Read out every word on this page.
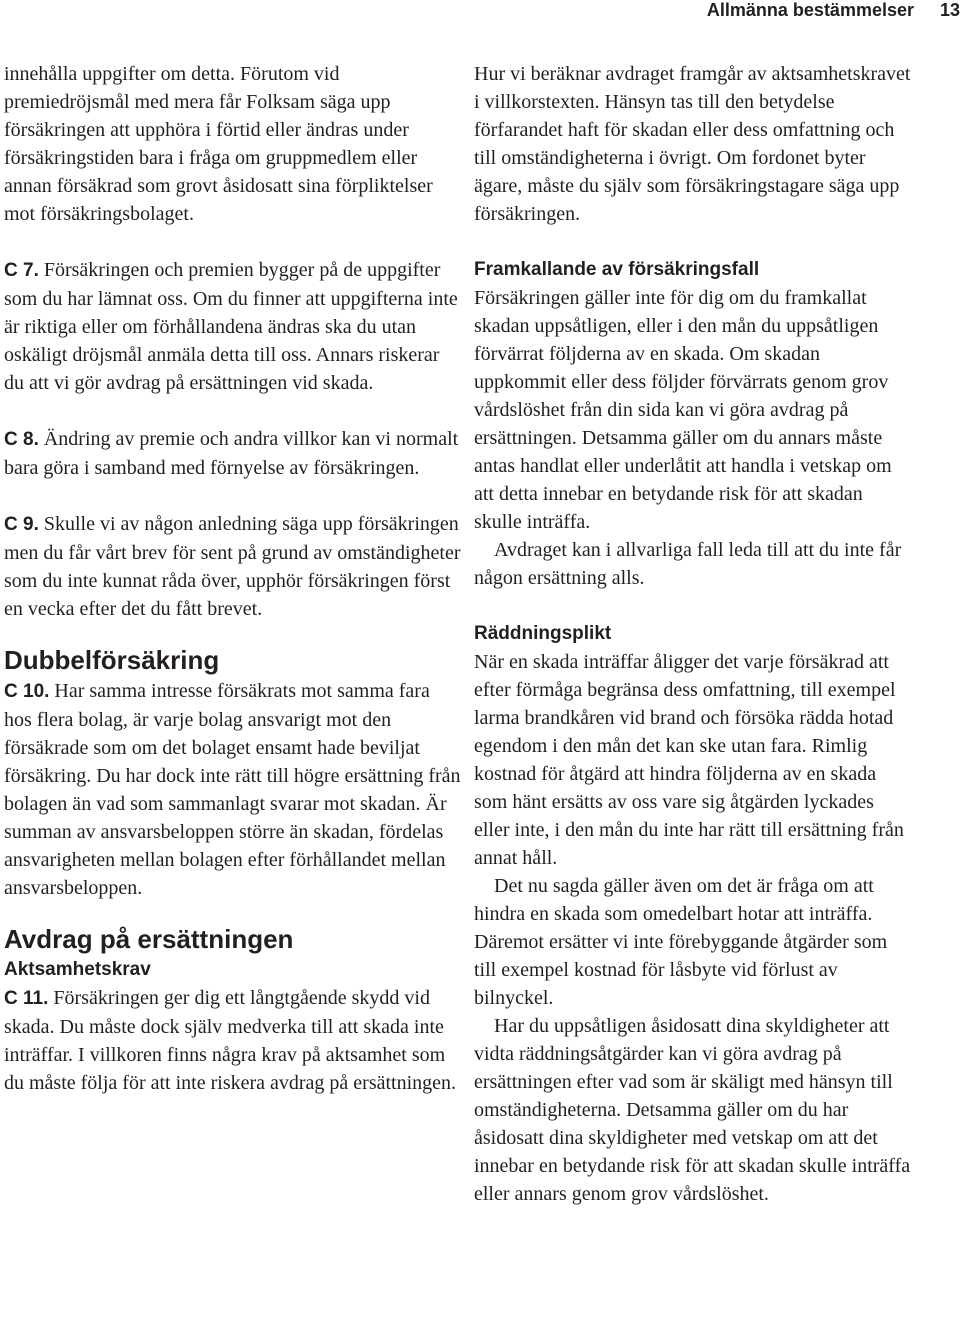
Allmänna bestämmelser 13

innehålla uppgifter om detta. Förutom vid premiedröjsmål med mera får Folksam säga upp försäkringen att upphöra i förtid eller ändras under försäkringstiden bara i fråga om gruppmedlem eller annan försäkrad som grovt åsidosatt sina förpliktelser mot försäkringsbolaget.

C 7. Försäkringen och premien bygger på de uppgifter som du har lämnat oss. Om du finner att uppgifterna inte är riktiga eller om förhållandena ändras ska du utan oskäligt dröjsmål anmäla detta till oss. Annars riskerar du att vi gör avdrag på ersättningen vid skada.

C 8. Ändring av premie och andra villkor kan vi normalt bara göra i samband med förnyelse av försäkringen.

C 9. Skulle vi av någon anledning säga upp försäkringen men du får vårt brev för sent på grund av omständigheter som du inte kunnat råda över, upphör försäkringen först en vecka efter det du fått brevet.

Dubbelförsäkring

C 10. Har samma intresse försäkrats mot samma fara hos flera bolag, är varje bolag ansvarigt mot den försäkrade som om det bolaget ensamt hade beviljat försäkring. Du har dock inte rätt till högre ersättning från bolagen än vad som sammanlagt svarar mot skadan. Är summan av ansvarsbeloppen större än skadan, fördelas ansvarigheten mellan bolagen efter förhållandet mellan ansvarsbeloppen.

Avdrag på ersättningen
Aktsamhetskrav

C 11. Försäkringen ger dig ett långtgående skydd vid skada. Du måste dock själv medverka till att skada inte inträffar. I villkoren finns några krav på aktsamhet som du måste följa för att inte riskera avdrag på ersättningen.

Hur vi beräknar avdraget framgår av aktsamhetskravet i villkorstexten. Hänsyn tas till den betydelse förfarandet haft för skadan eller dess omfattning och till omständigheterna i övrigt. Om fordonet byter ägare, måste du själv som försäkringstagare säga upp försäkringen.

Framkallande av försäkringsfall

Försäkringen gäller inte för dig om du framkallat skadan uppsåtligen, eller i den mån du uppsåtligen förvärrat följderna av en skada. Om skadan uppkommit eller dess följder förvärrats genom grov vårdslöshet från din sida kan vi göra avdrag på ersättningen. Detsamma gäller om du annars måste antas handlat eller underlåtit att handla i vetskap om att detta innebar en betydande risk för att skadan skulle inträffa.

Avdraget kan i allvarliga fall leda till att du inte får någon ersättning alls.

Räddningsplikt

När en skada inträffar åligger det varje försäkrad att efter förmåga begränsa dess omfattning, till exempel larma brandkåren vid brand och försöka rädda hotad egendom i den mån det kan ske utan fara. Rimlig kostnad för åtgärd att hindra följderna av en skada som hänt ersätts av oss vare sig åtgärden lyckades eller inte, i den mån du inte har rätt till ersättning från annat håll.

Det nu sagda gäller även om det är fråga om att hindra en skada som omedelbart hotar att inträffa. Däremot ersätter vi inte förebyggande åtgärder som till exempel kostnad för låsbyte vid förlust av bilnyckel.

Har du uppsåtligen åsidosatt dina skyldigheter att vidta räddningsåtgärder kan vi göra avdrag på ersättningen efter vad som är skäligt med hänsyn till omständigheterna. Detsamma gäller om du har åsidosatt dina skyldigheter med vetskap om att det innebar en betydande risk för att skadan skulle inträffa eller annars genom grov vårdslöshet.
